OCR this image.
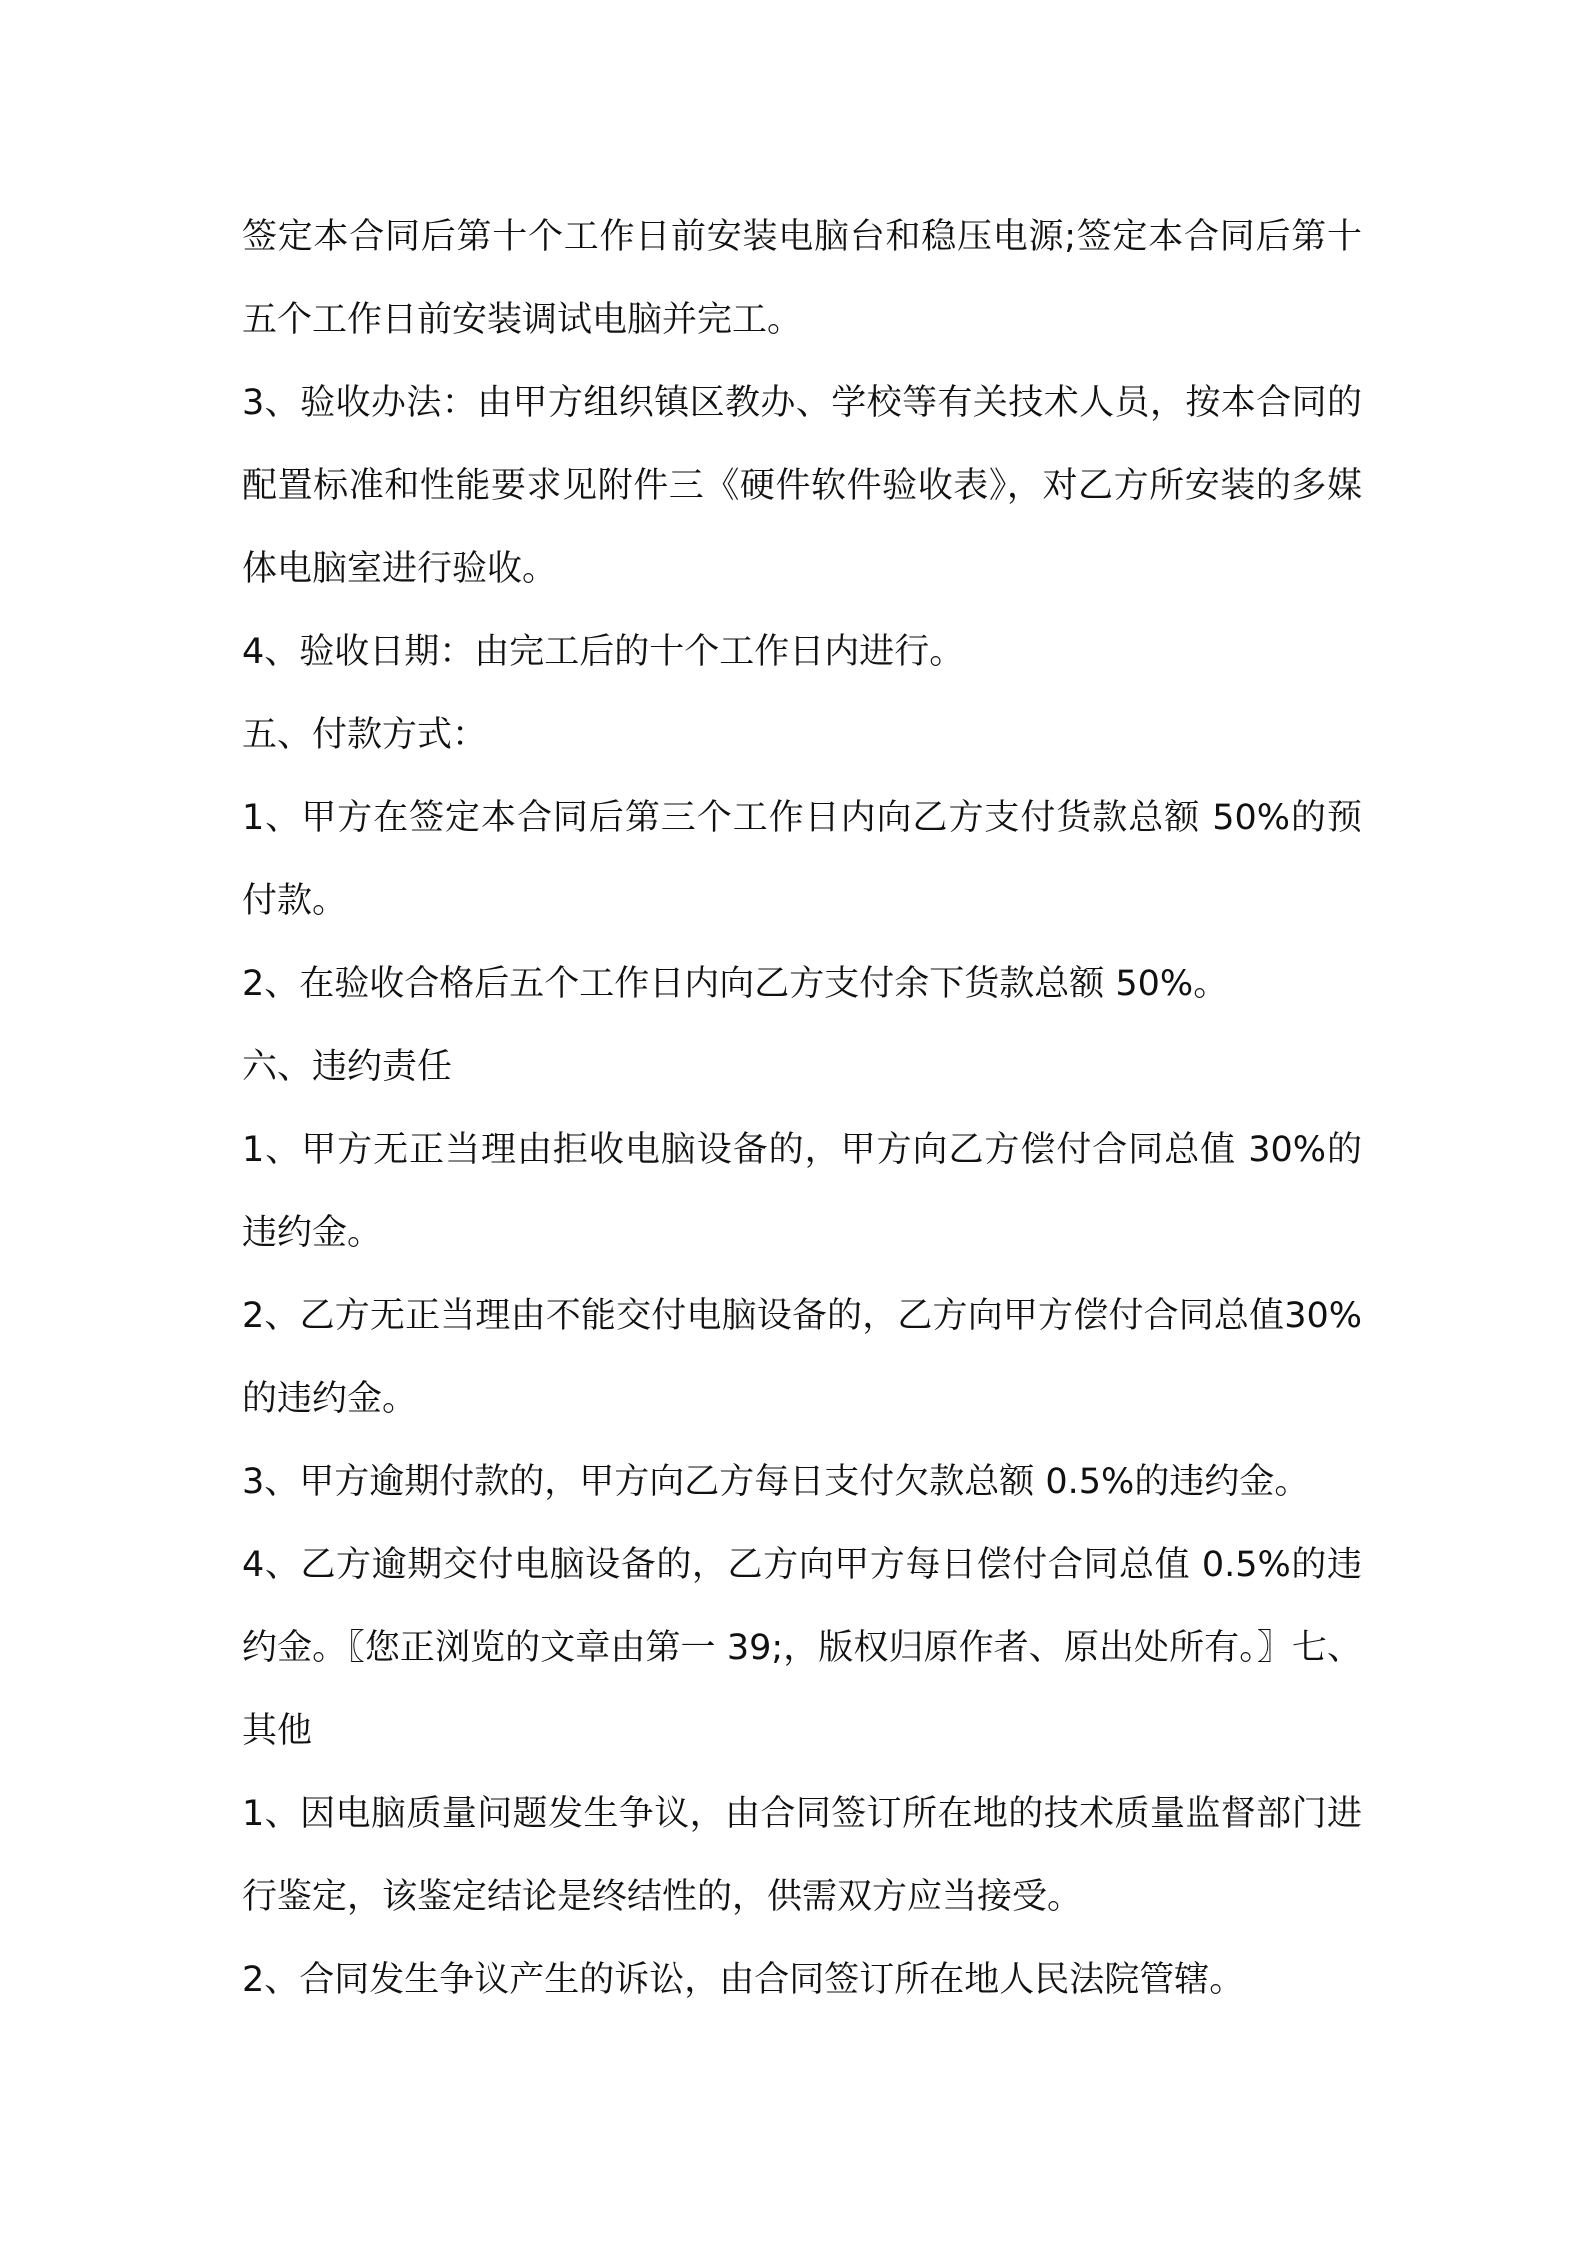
签定本合同后第十个工作日前安装电脑台和稳压电源;签定本合同后第十五个工作日前安装调试电脑并完工。

3、验收办法：由甲方组织镇区教办、学校等有关技术人员，按本合同的配置标准和性能要求见附件三《硬件软件验收表》，对乙方所安装的多媒体电脑室进行验收。

4、验收日期：由完工后的十个工作日内进行。

五、付款方式：

1、甲方在签定本合同后第三个工作日内向乙方支付货款总额 50%的预付款。

2、在验收合格后五个工作日内向乙方支付余下货款总额 50%。

六、违约责任

1、甲方无正当理由拒收电脑设备的，甲方向乙方偿付合同总值 30%的违约金。

2、乙方无正当理由不能交付电脑设备的，乙方向甲方偿付合同总值30%的违约金。

3、甲方逾期付款的，甲方向乙方每日支付欠款总额 0.5%的违约金。

4、乙方逾期交付电脑设备的，乙方向甲方每日偿付合同总值 0.5%的违约金。〖您正浏览的文章由第一 39;，版权归原作者、原出处所有。〗七、其他

1、因电脑质量问题发生争议，由合同签订所在地的技术质量监督部门进行鉴定，该鉴定结论是终结性的，供需双方应当接受。

2、合同发生争议产生的诉讼，由合同签订所在地人民法院管辖。
